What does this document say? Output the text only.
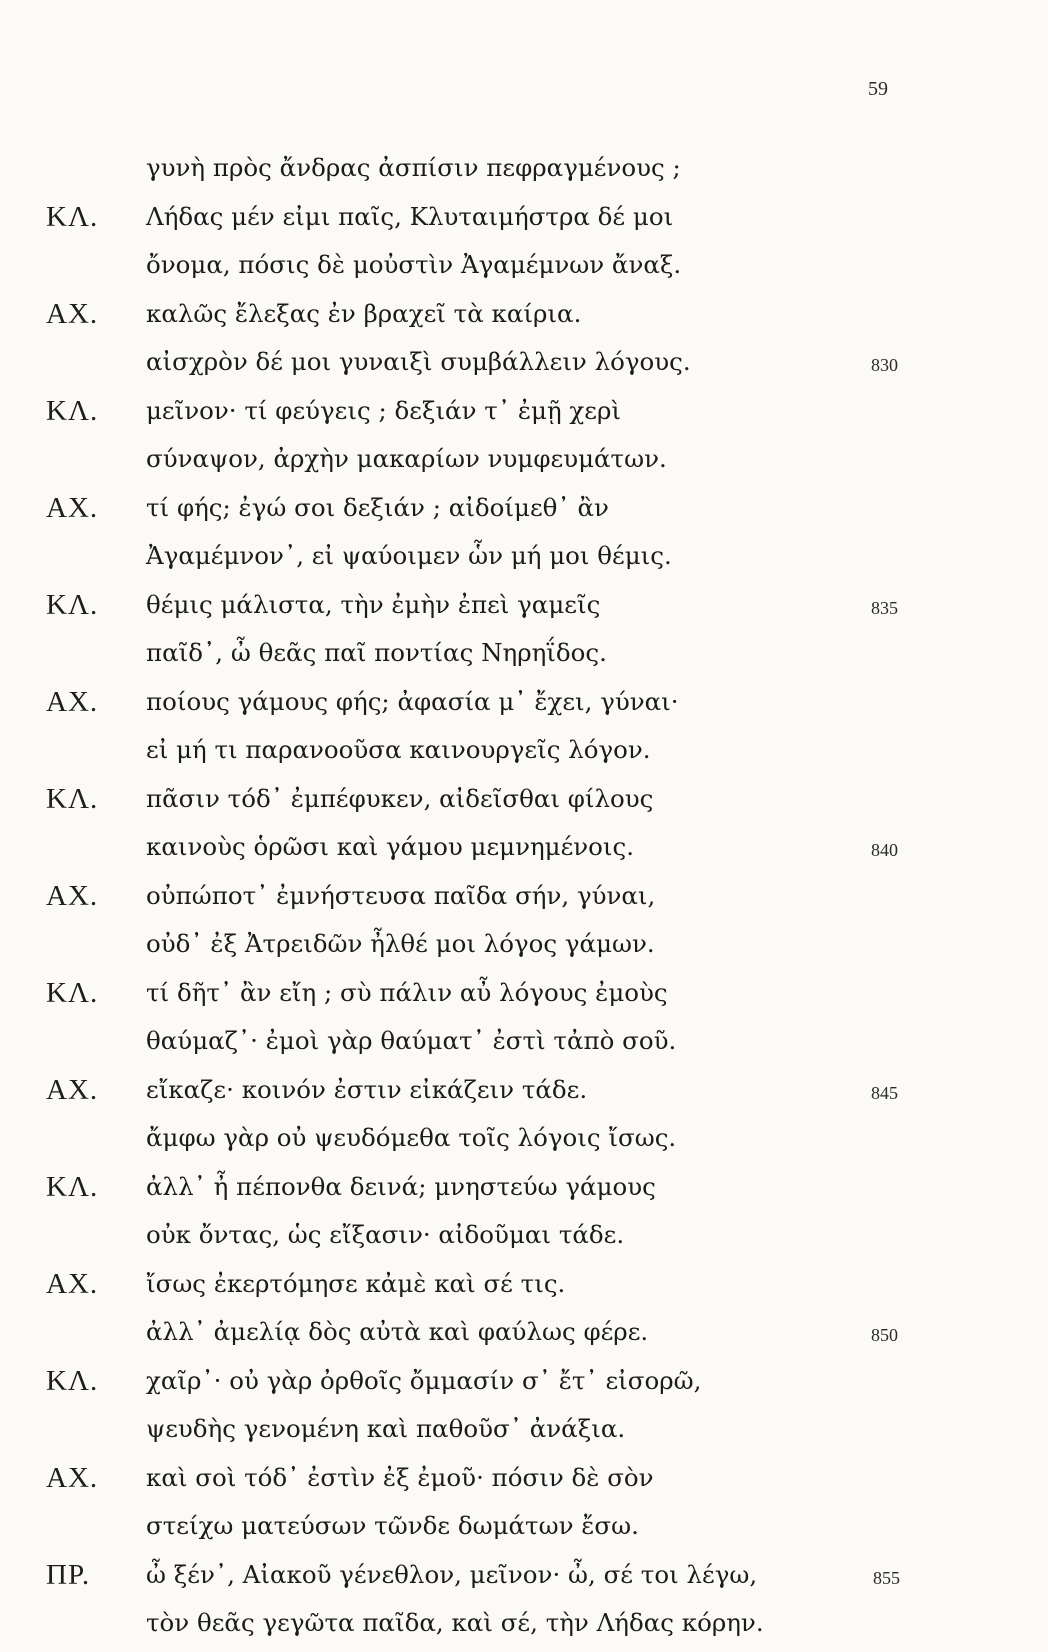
59
γυνὴ πρὸς ἄνδρας ἀσπίσιν πεφραγμένους ;
ΚΛ. Λήδας μέν εἰμι παῖς, Κλυταιμήστρα δέ μοι
ὄνομα, πόσις δὲ μοὐστὶν Ἀγαμέμνων ἄναξ.
ΑΧ. καλῶς ἔλεξας ἐν βραχεῖ τὰ καίρια.
αἰσχρὸν δέ μοι γυναιξὶ συμβάλλειν λόγους.	830
ΚΛ. μεῖνον· τί φεύγεις ; δεξιάν τ᾽ ἐμῇ χερὶ
σύναψον, ἀρχὴν μακαρίων νυμφευμάτων.
ΑΧ. τί φής; ἐγώ σοι δεξιάν ; αἰδοίμεθ᾽ ἂν
Ἀγαμέμνον᾽, εἰ ψαύοιμεν ὧν μή μοι θέμις.
ΚΛ. θέμις μάλιστα, τὴν ἐμὴν ἐπεὶ γαμεῖς	835
παῖδ᾽, ὦ θεᾶς παῖ ποντίας Νηρηΐδος.
ΑΧ. ποίους γάμους φής; ἀφασία μ᾽ ἔχει, γύναι·
εἰ μή τι παρανοοῦσα καινουργεῖς λόγον.
ΚΛ. πᾶσιν τόδ᾽ ἐμπέφυκεν, αἰδεῖσθαι φίλους
καινοὺς ὁρῶσι καὶ γάμου μεμνημένοις.	840
ΑΧ. οὐπώποτ᾽ ἐμνήστευσα παῖδα σήν, γύναι,
οὐδ᾽ ἐξ Ἀτρειδῶν ἦλθέ μοι λόγος γάμων.
ΚΛ. τί δῆτ᾽ ἂν εἴη ; σὺ πάλιν αὖ λόγους ἐμοὺς
θαύμαζ᾽· ἐμοὶ γὰρ θαύματ᾽ ἐστὶ τἀπὸ σοῦ.
ΑΧ. εἴκαζε· κοινόν ἐστιν εἰκάζειν τάδε.	845
ἄμφω γὰρ οὐ ψευδόμεθα τοῖς λόγοις ἴσως.
ΚΛ. ἀλλ᾽ ἦ πέπονθα δεινά; μνηστεύω γάμους
οὐκ ὄντας, ὡς εἴξασιν· αἰδοῦμαι τάδε.
ΑΧ. ἴσως ἐκερτόμησε κἀμὲ καὶ σέ τις.
ἀλλ᾽ ἀμελίᾳ δὸς αὐτὰ καὶ φαύλως φέρε.	850
ΚΛ. χαῖρ᾽· οὐ γὰρ ὀρθοῖς ὄμμασίν σ᾽ ἔτ᾽ εἰσορῶ,
ψευδὴς γενομένη καὶ παθοῦσ᾽ ἀνάξια.
ΑΧ. καὶ σοὶ τόδ᾽ ἐστὶν ἐξ ἐμοῦ· πόσιν δὲ σὸν
στείχω ματεύσων τῶνδε δωμάτων ἔσω.
ΠΡ. ὦ ξέν᾽, Αἰακοῦ γένεθλον, μεῖνον· ὦ, σέ τοι λέγω,	855
τὸν θεᾶς γεγῶτα παῖδα, καὶ σέ, τὴν Λήδας κόρην.
